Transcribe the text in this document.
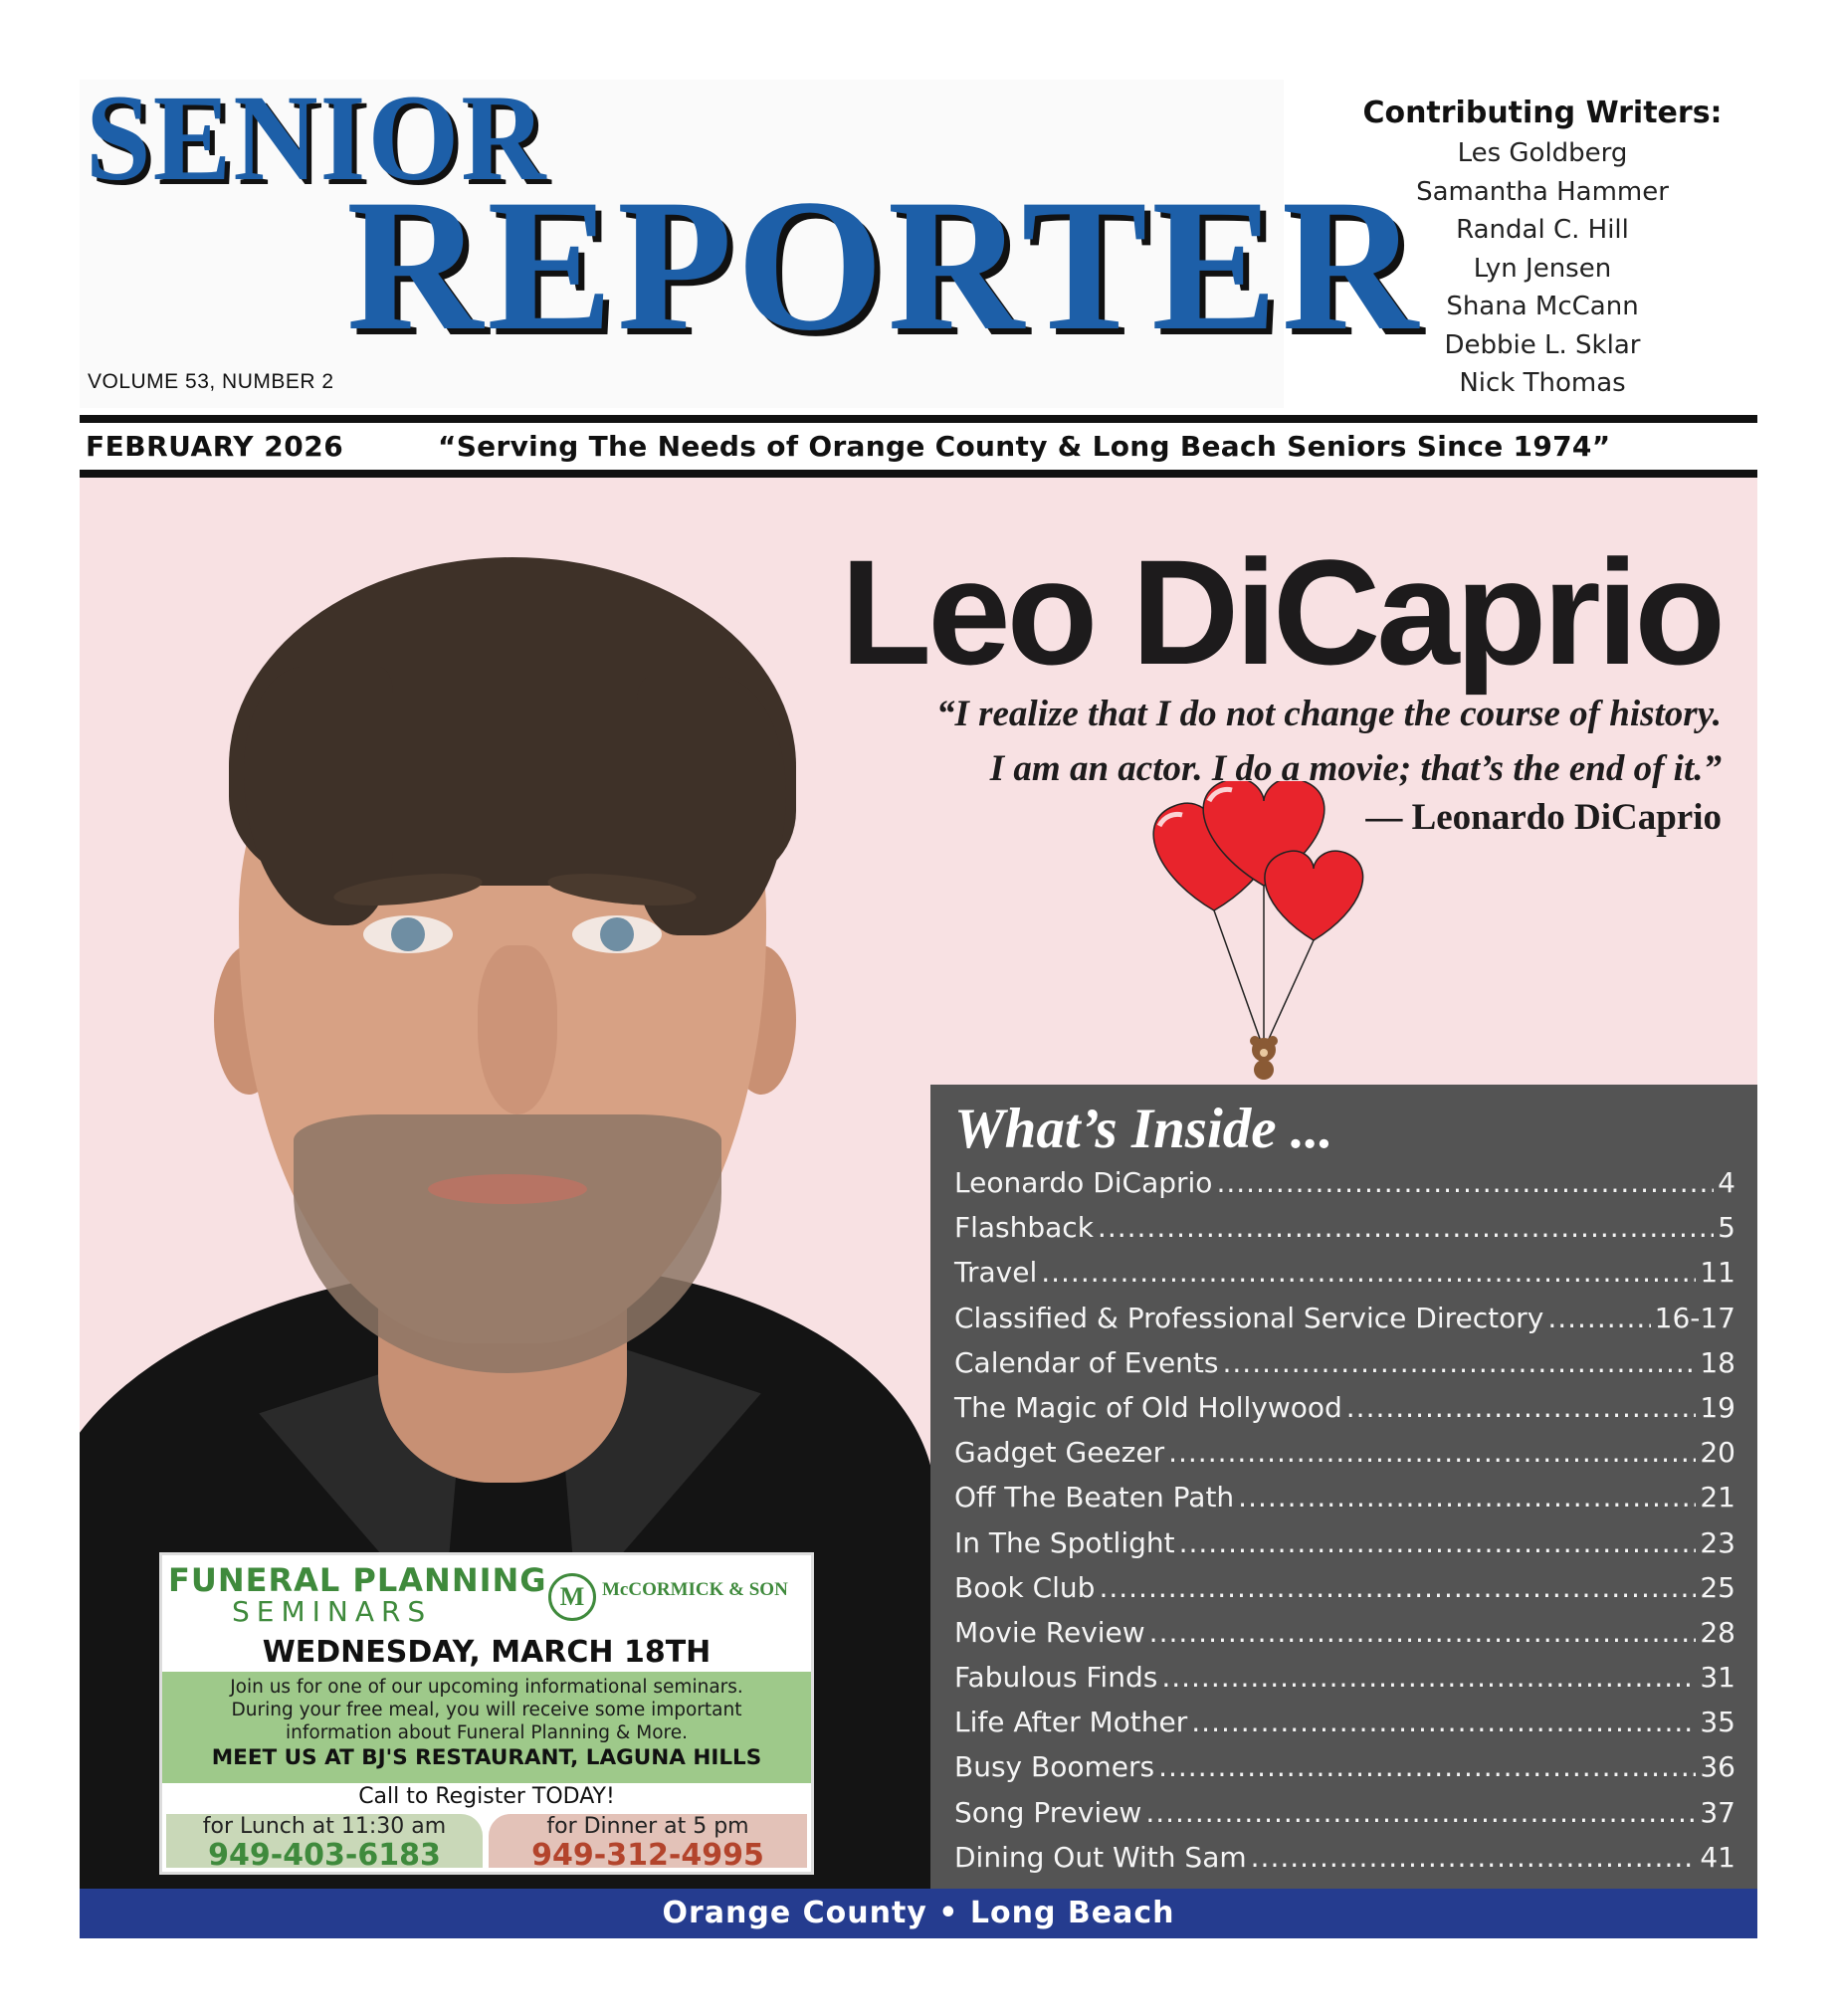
SENIOR
REPORTER
VOLUME 53, NUMBER 2
Contributing Writers:
Les Goldberg
Samantha Hammer
Randal C. Hill
Lyn Jensen
Shana McCann
Debbie L. Sklar
Nick Thomas
FEBRUARY 2026	“Serving The Needs of Orange County & Long Beach Seniors Since 1974”
Leo DiCaprio
“I realize that I do not change the course of history.
I am an actor. I do a movie; that’s the end of it.”
— Leonardo DiCaprio
What’s Inside ...
Leonardo DiCaprio .....	4
Flashback .....	5
Travel .....	11
Classified & Professional Service Directory .....	16-17
Calendar of Events .....	18
The Magic of Old Hollywood .....	19
Gadget Geezer .....	20
Off The Beaten Path .....	21
In The Spotlight .....	23
Book Club .....	25
Movie Review .....	28
Fabulous Finds .....	31
Life After Mother .....	35
Busy Boomers .....	36
Song Preview .....	37
Dining Out With Sam .....	41
FUNERAL PLANNING
SEMINARS	M McCORMICK & SON
WEDNESDAY, MARCH 18TH
Join us for one of our upcoming informational seminars.
During your free meal, you will receive some important
information about Funeral Planning & More.
MEET US AT BJ'S RESTAURANT, LAGUNA HILLS
Call to Register TODAY!
for Lunch at 11:30 am
949-403-6183
for Dinner at 5 pm
949-312-4995
Orange County • Long Beach
